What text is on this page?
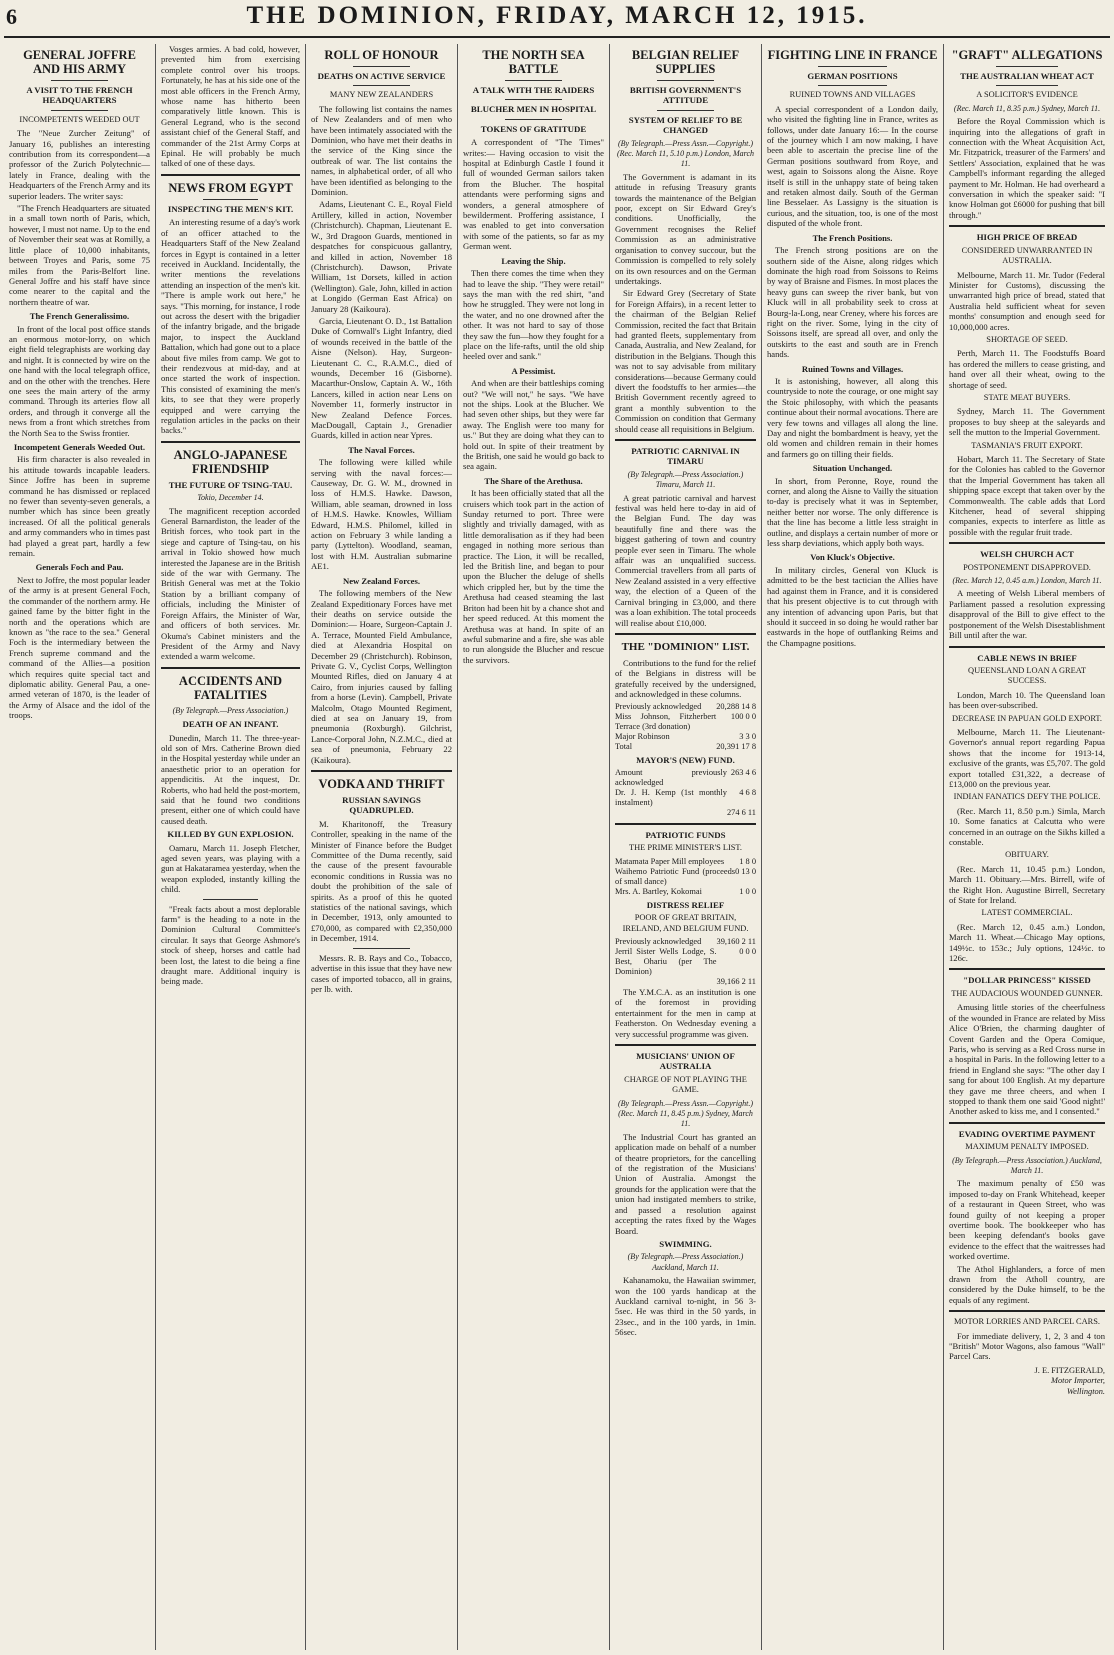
6	THE DOMINION, FRIDAY, MARCH 12, 1915.
GENERAL JOFFRE AND HIS ARMY
A VISIT TO THE FRENCH HEADQUARTERS
INCOMPETENTS WEEDED OUT

The "Neue Zurcher Zeitung" of January 16, publishes an interesting contribution from its correspondent—a professor of the Zurich Polytechnic—lately in France, dealing with the Headquarters of the French Army and its superior leaders. The writer says:

"The French Headquarters are situated in a small town north of Paris, which, however, I must not name. Up to the end of November their seat was at Romilly, a little place of 10,000 inhabitants, between Troyes and Paris, some 75 miles from the Paris-Belfort line. General Joffre and his staff have since come nearer to the capital and the northern theatre of war.

The French Generalissimo.

In front of the local post office stands an enormous motor-lorry, on which eight field telegraphists are working day and night. It is connected by wire on the one hand with the local telegraph office, and on the other with the trenches. Here one sees the main artery of the army command. Through its arteries flow all orders, and through it converge all the news from a front which stretches from the North Sea to the Swiss frontier.

Incompetent Generals Weeded Out.

His firm character is also revealed in his attitude towards incapable leaders. Since Joffre has been in supreme command he has dismissed or replaced no fewer than seventy-seven generals, a number which has since been greatly increased. Of all the political generals and army commanders who in times past had played a great part, hardly a few remain.

Generals Foch and Pau.

Next to Joffre, the most popular leader of the army is at present General Foch, the commander of the northern army. He gained fame by the bitter fight in the north and the operations which are known as "the race to the sea." General Foch is the intermediary between the French supreme command and the command of the Allies—a position which requires quite special tact and diplomatic ability. General Pau, a one-armed veteran of 1870, is the leader of the Army of Alsace and the idol of the troops.

Vosges armies. A bad cold, however, prevented him from exercising complete control over his troops. Fortunately, he has at his side one of the most able officers in the French Army, whose name has hitherto been comparatively little known. This is General Legrand, who is the second assistant chief of the General Staff, and commander of the 21st Army Corps at Epinal. He will probably be much talked of one of these days.

NEWS FROM EGYPT
INSPECTING THE MEN'S KIT.

An interesting resume of a day's work of an officer attached to the Headquarters Staff of the New Zealand forces in Egypt is contained in a letter received in Auckland. Incidentally, the writer mentions the revelations attending an inspection of the men's kit. "There is ample work out here," he says. "This morning, for instance, I rode out across the desert with the brigadier of the infantry brigade, and the brigade major, to inspect the Auckland Battalion, which had gone out to a place about five miles from camp. We got to their rendezvous at mid-day, and at once started the work of inspection. This consisted of examining the men's kits, to see that they were properly equipped and were carrying the regulation articles in the packs on their backs."

ANGLO-JAPANESE FRIENDSHIP
THE FUTURE OF TSING-TAU.
Tokio, December 14.

The magnificent reception accorded General Barnardiston, the leader of the British forces, who took part in the siege and capture of Tsing-tau, on his arrival in Tokio showed how much interested the Japanese are in the British side of the war with Germany. The British General was met at the Tokio Station by a brilliant company of officials, including the Minister of Foreign Affairs, the Minister of War, and officers of both services. Mr. Okuma's Cabinet ministers and the President of the Army and Navy extended a warm welcome.

ACCIDENTS AND FATALITIES
(By Telegraph.—Press Association.)
DEATH OF AN INFANT.

Dunedin, March 11. The three-year-old son of Mrs. Catherine Brown died in the Hospital yesterday while under an anaesthetic prior to an operation for appendicitis. At the inquest, Dr. Roberts, who had held the post-mortem, said that he found two conditions present, either one of which could have caused death.

KILLED BY GUN EXPLOSION.

Oamaru, March 11. Joseph Fletcher, aged seven years, was playing with a gun at Hakataramea yesterday, when the weapon exploded, instantly killing the child.

"Freak facts about a most deplorable farm" is the heading to a note in the Dominion Cultural Committee's circular. It says that George Ashmore's stock of sheep, horses and cattle had been lost, the latest to die being a fine draught mare. Additional inquiry is being made.

ROLL OF HONOUR
DEATHS ON ACTIVE SERVICE
MANY NEW ZEALANDERS

The following list contains the names of New Zealanders and of men who have been intimately associated with the Dominion, who have met their deaths in the service of the King since the outbreak of war. The list contains the names, in alphabetical order, of all who have been identified as belonging to the Dominion.

Adams, Lieutenant C. E., Royal Field Artillery, killed in action, November (Christchurch). Chapman, Lieutenant E. W., 3rd Dragoon Guards, mentioned in despatches for conspicuous gallantry, and killed in action, November 18 (Christchurch). Dawson, Private William, 1st Dorsets, killed in action (Wellington). Gale, John, killed in action at Longido (German East Africa) on January 28 (Kaikoura).

Garcia, Lieutenant O. D., 1st Battalion Duke of Cornwall's Light Infantry, died of wounds received in the battle of the Aisne (Nelson). Hay, Surgeon-Lieutenant C. C., R.A.M.C., died of wounds, December 16 (Gisborne). Macarthur-Onslow, Captain A. W., 16th Lancers, killed in action near Lens on November 11, formerly instructor in New Zealand Defence Forces. MacDougall, Captain J., Grenadier Guards, killed in action near Ypres.

The Naval Forces.

The following were killed while serving with the naval forces:— Causeway, Dr. G. W. M., drowned in loss of H.M.S. Hawke. Dawson, William, able seaman, drowned in loss of H.M.S. Hawke. Knowles, William Edward, H.M.S. Philomel, killed in action on February 3 while landing a party (Lyttelton). Woodland, seaman, lost with H.M. Australian submarine AE1.

New Zealand Forces.

The following members of the New Zealand Expeditionary Forces have met their deaths on service outside the Dominion:— Hoare, Surgeon-Captain J. A. Terrace, Mounted Field Ambulance, died at Alexandria Hospital on December 29 (Christchurch). Robinson, Private G. V., Cyclist Corps, Wellington Mounted Rifles, died on January 4 at Cairo, from injuries caused by falling from a horse (Levin). Campbell, Private Malcolm, Otago Mounted Regiment, died at sea on January 19, from pneumonia (Roxburgh). Gilchrist, Lance-Corporal John, N.Z.M.C., died at sea of pneumonia, February 22 (Kaikoura).

VODKA AND THRIFT
RUSSIAN SAVINGS QUADRUPLED.

M. Kharitonoff, the Treasury Controller, speaking in the name of the Minister of Finance before the Budget Committee of the Duma recently, said the cause of the present favourable economic conditions in Russia was no doubt the prohibition of the sale of spirits. As a proof of this he quoted statistics of the national savings, which in December, 1913, only amounted to £70,000, as compared with £2,350,000 in December, 1914.

Messrs. R. B. Rays and Co., Tobacco, advertise in this issue that they have new cases of imported tobacco, all in grains, per lb. with.

THE NORTH SEA BATTLE
A TALK WITH THE RAIDERS
BLUCHER MEN IN HOSPITAL
TOKENS OF GRATITUDE

A correspondent of "The Times" writes:— Having occasion to visit the hospital at Edinburgh Castle I found it full of wounded German sailors taken from the Blucher. The hospital attendants were performing signs and wonders, a general atmosphere of bewilderment. Proffering assistance, I was enabled to get into conversation with some of the patients, so far as my German went.

Leaving the Ship.

Then there comes the time when they had to leave the ship. "They were retail" says the man with the red shirt, "and how he struggled. They were not long in the water, and no one drowned after the other. It was not hard to say of those they saw the fun—how they fought for a place on the life-rafts, until the old ship heeled over and sank."

A Pessimist.

And when are their battleships coming out? "We will not," he says. "We have not the ships. Look at the Blucher. We had seven other ships, but they were far away. The English were too many for us." But they are doing what they can to hold out. In spite of their treatment by the British, one said he would go back to sea again.

The Share of the Arethusa.

It has been officially stated that all the cruisers which took part in the action of Sunday returned to port. Three were slightly and trivially damaged, with as little demoralisation as if they had been engaged in nothing more serious than practice. The Lion, it will be recalled, led the British line, and began to pour upon the Blucher the deluge of shells which crippled her, but by the time the Arethusa had ceased steaming the last Briton had been hit by a chance shot and her speed reduced. At this moment the Arethusa was at hand. In spite of an awful submarine and a fire, she was able to run alongside the Blucher and rescue the survivors.

BELGIAN RELIEF SUPPLIES
BRITISH GOVERNMENT'S ATTITUDE
SYSTEM OF RELIEF TO BE CHANGED
(By Telegraph.—Press Assn.—Copyright.) (Rec. March 11, 5.10 p.m.) London, March 11.

The Government is adamant in its attitude in refusing Treasury grants towards the maintenance of the Belgian poor, except on Sir Edward Grey's conditions. Unofficially, the Government recognises the Relief Commission as an administrative organisation to convey succour, but the Commission is compelled to rely solely on its own resources and on the German undertakings.

Sir Edward Grey (Secretary of State for Foreign Affairs), in a recent letter to the chairman of the Belgian Relief Commission, recited the fact that Britain had granted fleets, supplementary from Canada, Australia, and New Zealand, for distribution in the Belgians. Though this was not to say advisable from military considerations—because Germany could divert the foodstuffs to her armies—the British Government recently agreed to grant a monthly subvention to the Commission on condition that Germany should cease all requisitions in Belgium.

PATRIOTIC CARNIVAL IN TIMARU
(By Telegraph.—Press Association.) Timaru, March 11.

A great patriotic carnival and harvest festival was held here to-day in aid of the Belgian Fund. The day was beautifully fine and there was the biggest gathering of town and country people ever seen in Timaru. The whole affair was an unqualified success. Commercial travellers from all parts of New Zealand assisted in a very effective way, the election of a Queen of the Carnival bringing in £3,000, and there was a loan exhibition. The total proceeds will realise about £10,000.

THE "DOMINION" LIST.

Contributions to the fund for the relief of the Belgians in distress will be gratefully received by the undersigned, and acknowledged in these columns.

Previously acknowledged	20,288 14 8
Miss Johnson, Fitzherbert Terrace (3rd donation)	100 0 0
Major Robinson	3 3 0
Total	20,391 17 8
MAYOR'S (NEW) FUND.
Amount previously acknowledged	263 4 6
Dr. J. H. Kemp (1st monthly instalment)	4 6 8
	274 6 11
PATRIOTIC FUNDS
THE PRIME MINISTER'S LIST.
Matamata Paper Mill employees	1 8 0
Waihemo Patriotic Fund (proceeds of small dance)	0 13 0
Mrs. A. Bartley, Kokomai	1 0 0
DISTRESS RELIEF
POOR OF GREAT BRITAIN, IRELAND, AND BELGIUM FUND.
Previously acknowledged	39,160 2 11
Jerril Sister Wells Lodge, S. Best, Ohariu (per The Dominion)	0 0 0
	39,166 2 11

The Y.M.C.A. as an institution is one of the foremost in providing entertainment for the men in camp at Featherston. On Wednesday evening a very successful programme was given.

MUSICIANS' UNION OF AUSTRALIA
CHARGE OF NOT PLAYING THE GAME.
(By Telegraph.—Press Assn.—Copyright.) (Rec. March 11, 8.45 p.m.) Sydney, March 11.

The Industrial Court has granted an application made on behalf of a number of theatre proprietors, for the cancelling of the registration of the Musicians' Union of Australia. Amongst the grounds for the application were that the union had instigated members to strike, and passed a resolution against accepting the rates fixed by the Wages Board.

SWIMMING.
(By Telegraph.—Press Association.) Auckland, March 11.

Kahanamoku, the Hawaiian swimmer, won the 100 yards handicap at the Auckland carnival to-night, in 56 3-5sec. He was third in the 50 yards, in 23sec., and in the 100 yards, in 1min. 56sec.

FIGHTING LINE IN FRANCE
GERMAN POSITIONS
RUINED TOWNS AND VILLAGES

A special correspondent of a London daily, who visited the fighting line in France, writes as follows, under date January 16:— In the course of the journey which I am now making, I have been able to ascertain the precise line of the German positions southward from Roye, and west, again to Soissons along the Aisne. Roye itself is still in the unhappy state of being taken and retaken almost daily. South of the German line Besselaer. As Lassigny is the situation is curious, and the situation, too, is one of the most disputed of the whole front.

The French Positions.

The French strong positions are on the southern side of the Aisne, along ridges which dominate the high road from Soissons to Reims by way of Braisne and Fismes. In most places the heavy guns can sweep the river bank, but von Kluck will in all probability seek to cross at Bourg-la-Long, near Creney, where his forces are right on the river. Some, lying in the city of Soissons itself, are spread all over, and only the outskirts to the east and south are in French hands.

Ruined Towns and Villages.

It is astonishing, however, all along this countryside to note the courage, or one might say the Stoic philosophy, with which the peasants continue about their normal avocations. There are very few towns and villages all along the line. Day and night the bombardment is heavy, yet the old women and children remain in their homes and farmers go on tilling their fields.

Situation Unchanged.

In short, from Peronne, Roye, round the corner, and along the Aisne to Vailly the situation to-day is precisely what it was in September, neither better nor worse. The only difference is that the line has become a little less straight in outline, and displays a certain number of more or less sharp deviations, which apply both ways.

Von Kluck's Objective.

In military circles, General von Kluck is admitted to be the best tactician the Allies have had against them in France, and it is considered that his present objective is to cut through with any intention of advancing upon Paris, but that should it succeed in so doing he would rather bar eastwards in the hope of outflanking Reims and the Champagne positions.

"GRAFT" ALLEGATIONS
THE AUSTRALIAN WHEAT ACT
A SOLICITOR'S EVIDENCE
(Rec. March 11, 8.35 p.m.) Sydney, March 11.

Before the Royal Commission which is inquiring into the allegations of graft in connection with the Wheat Acquisition Act, Mr. Fitzpatrick, treasurer of the Farmers' and Settlers' Association, explained that he was Campbell's informant regarding the alleged payment to Mr. Holman. He had overheard a conversation in which the speaker said: "I know Holman got £6000 for pushing that bill through."

HIGH PRICE OF BREAD
CONSIDERED UNWARRANTED IN AUSTRALIA.

Melbourne, March 11. Mr. Tudor (Federal Minister for Customs), discussing the unwarranted high price of bread, stated that Australia held sufficient wheat for seven months' consumption and enough seed for 10,000,000 acres.

SHORTAGE OF SEED.

Perth, March 11. The Foodstuffs Board has ordered the millers to cease gristing, and hand over all their wheat, owing to the shortage of seed.

STATE MEAT BUYERS.

Sydney, March 11. The Government proposes to buy sheep at the saleyards and sell the mutton to the Imperial Government.

TASMANIA'S FRUIT EXPORT.

Hobart, March 11. The Secretary of State for the Colonies has cabled to the Governor that the Imperial Government has taken all shipping space except that taken over by the Commonwealth. The cable adds that Lord Kitchener, head of several shipping companies, expects to interfere as little as possible with the regular fruit trade.

WELSH CHURCH ACT
POSTPONEMENT DISAPPROVED.
(Rec. March 12, 0.45 a.m.) London, March 11.

A meeting of Welsh Liberal members of Parliament passed a resolution expressing disapproval of the Bill to give effect to the postponement of the Welsh Disestablishment Bill until after the war.

CABLE NEWS IN BRIEF
QUEENSLAND LOAN A GREAT SUCCESS.

London, March 10. The Queensland loan has been over-subscribed.

DECREASE IN PAPUAN GOLD EXPORT.

Melbourne, March 11. The Lieutenant-Governor's annual report regarding Papua shows that the income for 1913-14, exclusive of the grants, was £5,707. The gold export totalled £31,322, a decrease of £13,000 on the previous year.

INDIAN FANATICS DEFY THE POLICE.

(Rec. March 11, 8.50 p.m.) Simla, March 10. Some fanatics at Calcutta who were concerned in an outrage on the Sikhs killed a constable.

OBITUARY.

(Rec. March 11, 10.45 p.m.) London, March 11. Obituary.—Mrs. Birrell, wife of the Right Hon. Augustine Birrell, Secretary of State for Ireland.

LATEST COMMERCIAL.

(Rec. March 12, 0.45 a.m.) London, March 11. Wheat.—Chicago May options, 149½c. to 153c.; July options, 124½c. to 126c.

"DOLLAR PRINCESS" KISSED
THE AUDACIOUS WOUNDED GUNNER.

Amusing little stories of the cheerfulness of the wounded in France are related by Miss Alice O'Brien, the charming daughter of Covent Garden and the Opera Comique, Paris, who is serving as a Red Cross nurse in a hospital in Paris. In the following letter to a friend in England she says: "The other day I sang for about 100 English. At my departure they gave me three cheers, and when I stopped to thank them one said 'Good night!' Another asked to kiss me, and I consented."

EVADING OVERTIME PAYMENT
MAXIMUM PENALTY IMPOSED.
(By Telegraph.—Press Association.) Auckland, March 11.

The maximum penalty of £50 was imposed to-day on Frank Whitehead, keeper of a restaurant in Queen Street, who was found guilty of not keeping a proper overtime book. The bookkeeper who has been keeping defendant's books gave evidence to the effect that the waitresses had worked overtime.

The Athol Highlanders, a force of men drawn from the Atholl country, are considered by the Duke himself, to be the equals of any regiment.

MOTOR LORRIES AND PARCEL CARS.

For immediate delivery, 1, 2, 3 and 4 ton "British" Motor Wagons, also famous "Wall" Parcel Cars.

J. E. FITZGERALD,
Motor Importer,
Wellington.
